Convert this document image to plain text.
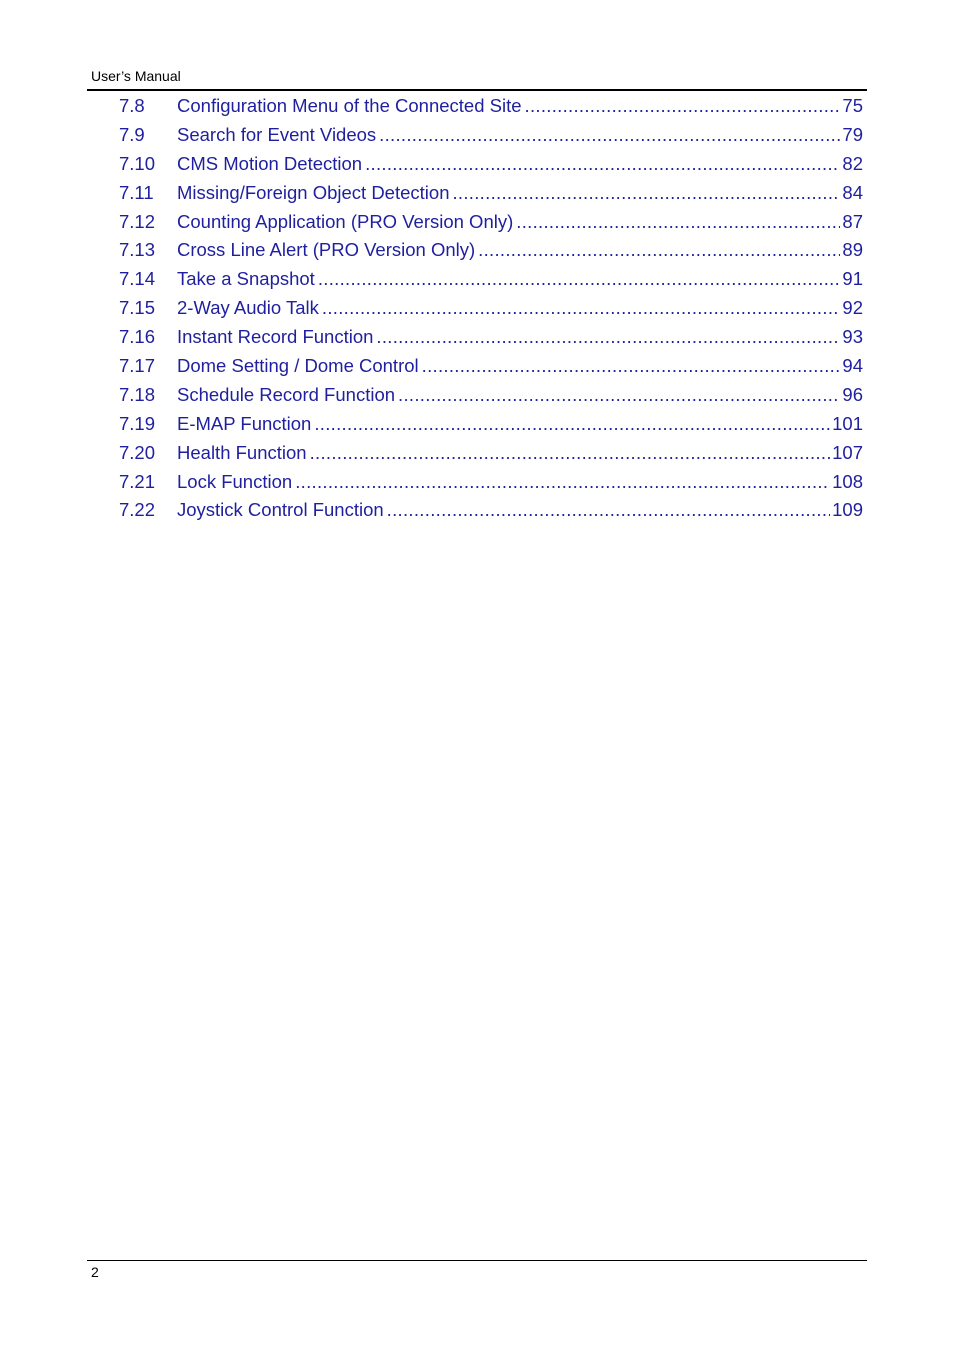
User’s Manual
7.8	Configuration Menu of the Connected Site .....	75
7.9	Search for Event Videos .....	79
7.10	CMS Motion Detection .....	82
7.11	Missing/Foreign Object Detection .....	84
7.12	Counting Application (PRO Version Only) .....	87
7.13	Cross Line Alert (PRO Version Only) .....	89
7.14	Take a Snapshot .....	91
7.15	2-Way Audio Talk .....	92
7.16	Instant Record Function .....	93
7.17	Dome Setting / Dome Control .....	94
7.18	Schedule Record Function .....	96
7.19	E-MAP Function .....	101
7.20	Health Function .....	107
7.21	Lock Function .....	108
7.22	Joystick Control Function .....	109
2
